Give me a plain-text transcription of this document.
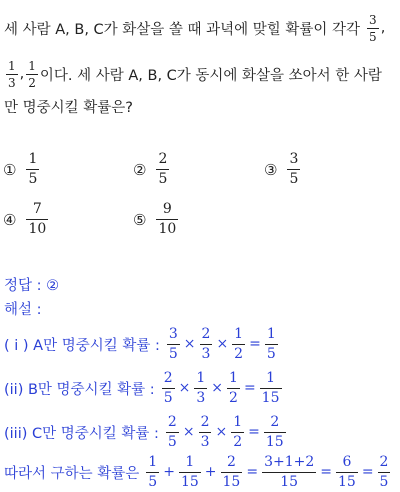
세 사람 A, B, C가 화살을 쏠 때 과녁에 맞힐 확률이 각각 $\frac{3}{5}$ ,
$\frac{1}{3}$ , $\frac{1}{2}$ 이다. 세 사람 A, B, C가 동시에 화살을 쏘아서 한 사람
만 명중시킬 확률은?
① $\frac{1}{5}$	② $\frac{2}{5}$	③ $\frac{3}{5}$
④ $\frac{7}{10}$	⑤ $\frac{9}{10}$
정답 : ②
해설 :
( i ) A만 명중시킬 확률 : $\frac{3}{5} \times \frac{2}{3} \times \frac{1}{2} = \frac{1}{5}$
(ii) B만 명중시킬 확률 : $\frac{2}{5} \times \frac{1}{3} \times \frac{1}{2} = \frac{1}{15}$
(iii) C만 명중시킬 확률 : $\frac{2}{5} \times \frac{2}{3} \times \frac{1}{2} = \frac{2}{15}$
따라서 구하는 확률은 $\frac{1}{5} + \frac{1}{15} + \frac{2}{15} = \frac{3+1+2}{15} = \frac{6}{15} = \frac{2}{5}$
